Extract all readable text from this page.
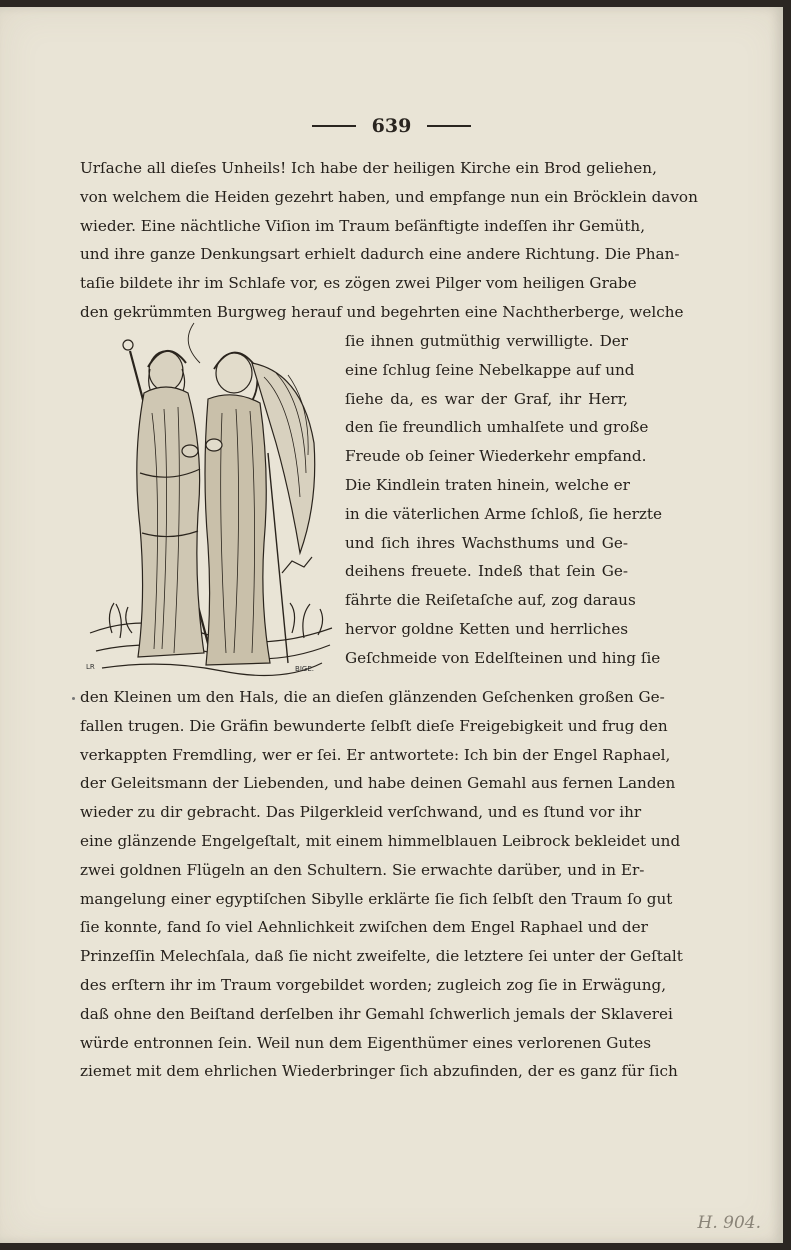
639
Urſache all dieſes Unheils! Ich habe der heiligen Kirche ein Brod geliehen,
von welchem die Heiden gezehrt haben, und empfange nun ein Bröcklein davon
wieder. Eine nächtliche Viſion im Traum beſänftigte indeſſen ihr Gemüth,
und ihre ganze Denkungsart erhielt dadurch eine andere Richtung. Die Phan-
taſie bildete ihr im Schlafe vor, es zögen zwei Pilger vom heiligen Grabe
den gekrümmten Burgweg herauf und begehrten eine Nachtherberge, welche
LR	BIGE.
ſie ihnen gutmüthig verwilligte. Der
eine ſchlug ſeine Nebelkappe auf und
ſiehe da, es war der Graf, ihr Herr,
den ſie freundlich umhalſete und große
Freude ob ſeiner Wiederkehr empfand.
Die Kindlein traten hinein, welche er
in die väterlichen Arme ſchloß, ſie herzte
und ſich ihres Wachsthums und Ge-
deihens freuete. Indeß that ſein Ge-
fährte die Reiſetaſche auf, zog daraus
hervor goldne Ketten und herrliches
Geſchmeide von Edelſteinen und hing ſie
den Kleinen um den Hals, die an dieſen glänzenden Geſchenken großen Ge-
fallen trugen. Die Gräfin bewunderte ſelbſt dieſe Freigebigkeit und frug den
verkappten Fremdling, wer er ſei. Er antwortete: Ich bin der Engel Raphael,
der Geleitsmann der Liebenden, und habe deinen Gemahl aus fernen Landen
wieder zu dir gebracht. Das Pilgerkleid verſchwand, und es ſtund vor ihr
eine glänzende Engelgeſtalt, mit einem himmelblauen Leibrock bekleidet und
zwei goldnen Flügeln an den Schultern. Sie erwachte darüber, und in Er-
mangelung einer egyptiſchen Sibylle erklärte ſie ſich ſelbſt den Traum ſo gut
ſie konnte, fand ſo viel Aehnlichkeit zwiſchen dem Engel Raphael und der
Prinzeſſin Melechſala, daß ſie nicht zweifelte, die letztere ſei unter der Geſtalt
des erſtern ihr im Traum vorgebildet worden; zugleich zog ſie in Erwägung,
daß ohne den Beiſtand derſelben ihr Gemahl ſchwerlich jemals der Sklaverei
würde entronnen ſein. Weil nun dem Eigenthümer eines verlorenen Gutes
ziemet mit dem ehrlichen Wiederbringer ſich abzufinden, der es ganz für ſich
H. 904.
